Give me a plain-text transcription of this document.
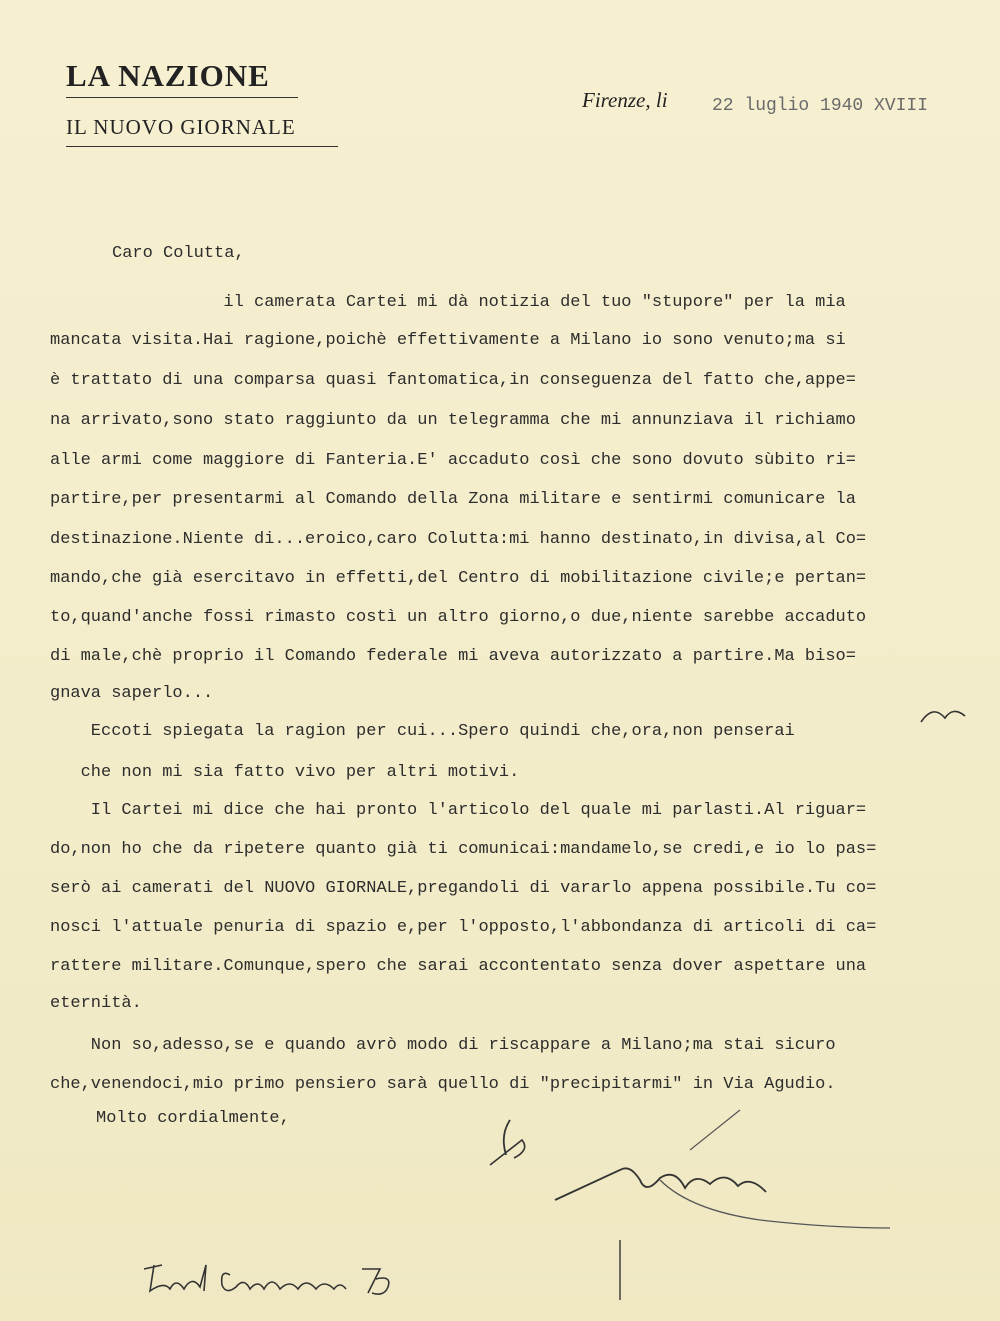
LA NAZIONE
IL NUOVO GIORNALE
Firenze, li 22 luglio 1940 XVIII
Caro Colutta,
il camerata Cartei mi dà notizia del tuo "stupore" per la mia
mancata visita.Hai ragione,poichè effettivamente a Milano io sono venuto;ma si
è trattato di una comparsa quasi fantomatica,in conseguenza del fatto che,appe=
na arrivato,sono stato raggiunto da un telegramma che mi annunziava il richiamo
alle armi come maggiore di Fanteria.E' accaduto così che sono dovuto sùbito ri=
partire,per presentarmi al Comando della Zona militare e sentirmi comunicare la
destinazione.Niente di...eroico,caro Colutta:mi hanno destinato,in divisa,al Co=
mando,che già esercitavo in effetti,del Centro di mobilitazione civile;e pertan=
to,quand'anche fossi rimasto costì un altro giorno,o due,niente sarebbe accaduto
di male,chè proprio il Comando federale mi aveva autorizzato a partire.Ma biso=
gnava saperlo...
Eccoti spiegata la ragion per cui...Spero quindi che,ora,non penserai
che non mi sia fatto vivo per altri motivi.
Il Cartei mi dice che hai pronto l'articolo del quale mi parlasti.Al riguar=
do,non ho che da ripetere quanto già ti comunicai:mandamelo,se credi,e io lo pas=
serò ai camerati del NUOVO GIORNALE,pregandoli di vararlo appena possibile.Tu co=
nosci l'attuale penuria di spazio e,per l'opposto,l'abbondanza di articoli di ca=
rattere militare.Comunque,spero che sarai accontentato senza dover aspettare una
eternità.
Non so,adesso,se e quando avrò modo di riscappare a Milano;ma stai sicuro
che,venendoci,mio primo pensiero sarà quello di "precipitarmi" in Via Agudio.
Molto cordialmente,
